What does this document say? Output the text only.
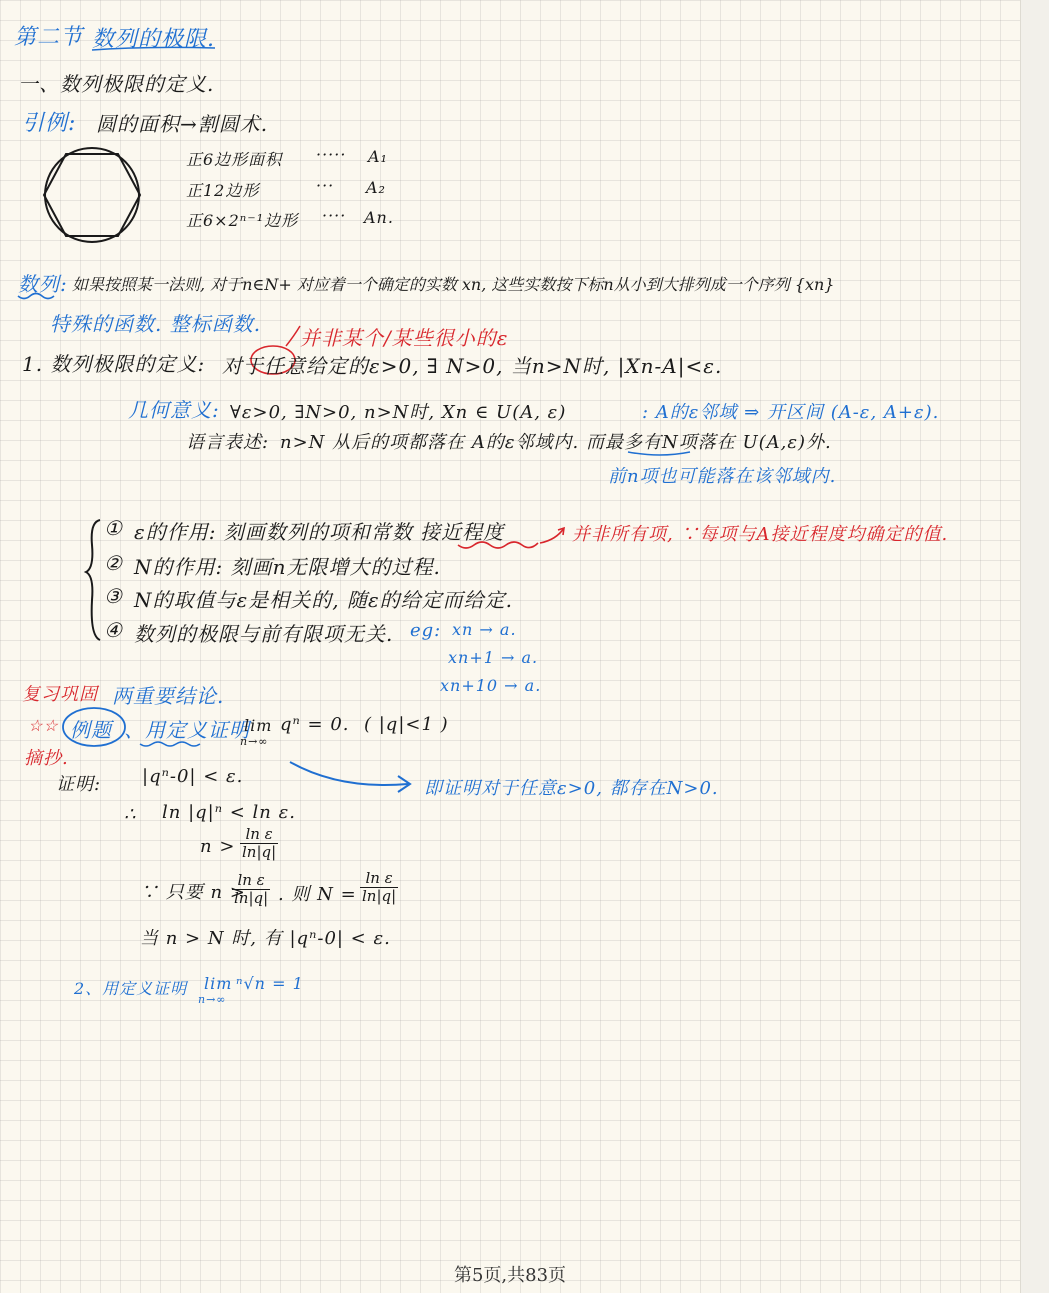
第二节 数列的极限.
一、数列极限的定义.
引例: 圆的面积→割圆术.
正6边形面积 ····· A₁
正12边形	··· A₂
正6×2ⁿ⁻¹边形 ···· An.
数列: 如果按照某一法则, 对于n∈N+ 对应着一个确定的实数 xn, 这些实数按下标n从小到大排列成一个序列 {xn}
特殊的函数. 整标函数.
并非某个/某些很小的ε
1. 数列极限的定义: 对于任意给定的ε>0, ∃ N>0, 当n>N时, |Xn-A|<ε.
几何意义: ∀ε>0, ∃N>0, n>N时, Xn ∈ U(A, ε)	: A的ε邻域 ⇒ 开区间 (A-ε, A+ε).
语言表述: n>N 从后的项都落在 A的ε邻域内. 而最多有N项落在 U(A,ε)外.
前n项也可能落在该邻域内.
① ε的作用: 刻画数列的项和常数 接近程度	并非所有项, ∵每项与A接近程度均确定的值.
② N的作用: 刻画n无限增大的过程.
③ N的取值与ε是相关的, 随ε的给定而给定.
④ 数列的极限与前有限项无关. eg: xn → a.
xn+1 → a.
xn+10 → a.
复习巩固 两重要结论.
☆☆ 例题
摘抄.
、用定义证明
lim
n→∞
qⁿ = 0. ( |q|<1 )
证明: |qⁿ-0| < ε.
即证明对于任意ε>0, 都存在N>0.
∴ ln |q|ⁿ < ln ε.
$n > \frac{\text{ln ε}}{\ln|q|}$
∵ 只要 n >
$\frac{\text{ln ε}}{\ln|q|}$ . 则 $N = \frac{\text{ln ε}}{\ln|q|}$
当 n > N 时, 有 |qⁿ-0| < ε.
2、用定义证明 lim
n→∞
ⁿ√n = 1
第5页,共83页
